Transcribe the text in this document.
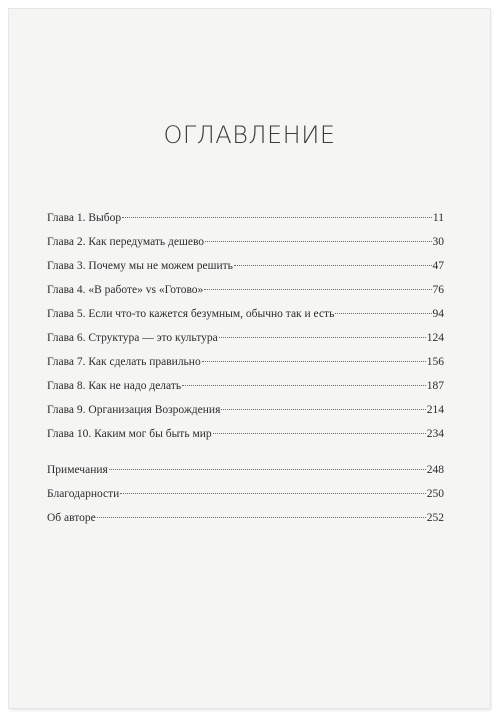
ОГЛАВЛЕНИЕ
Глава 1. Выбор	11
Глава 2. Как передумать дешево	30
Глава 3. Почему мы не можем решить	47
Глава 4. «В работе» vs «Готово»	76
Глава 5. Если что-то кажется безумным, обычно так и есть	94
Глава 6. Структура — это культура	124
Глава 7. Как сделать правильно	156
Глава 8. Как не надо делать	187
Глава 9. Организация Возрождения	214
Глава 10. Каким мог бы быть мир	234
Примечания	248
Благодарности	250
Об авторе	252
